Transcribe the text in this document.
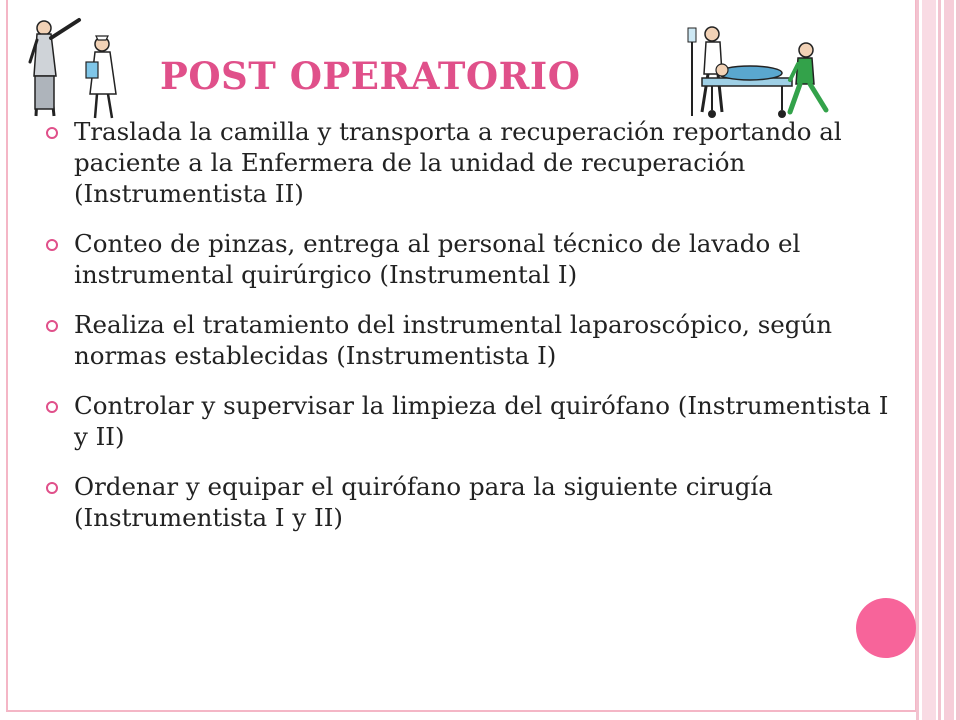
POST OPERATORIO
Traslada la camilla y transporta a recuperación reportando al paciente a la Enfermera de la unidad de recuperación (Instrumentista II)
Conteo de pinzas, entrega al personal técnico de lavado el instrumental quirúrgico (Instrumental I)
Realiza el tratamiento del instrumental laparoscópico, según normas establecidas (Instrumentista I)
Controlar y supervisar la limpieza del quirófano (Instrumentista I y II)
Ordenar y equipar el quirófano para la siguiente cirugía (Instrumentista I y II)
